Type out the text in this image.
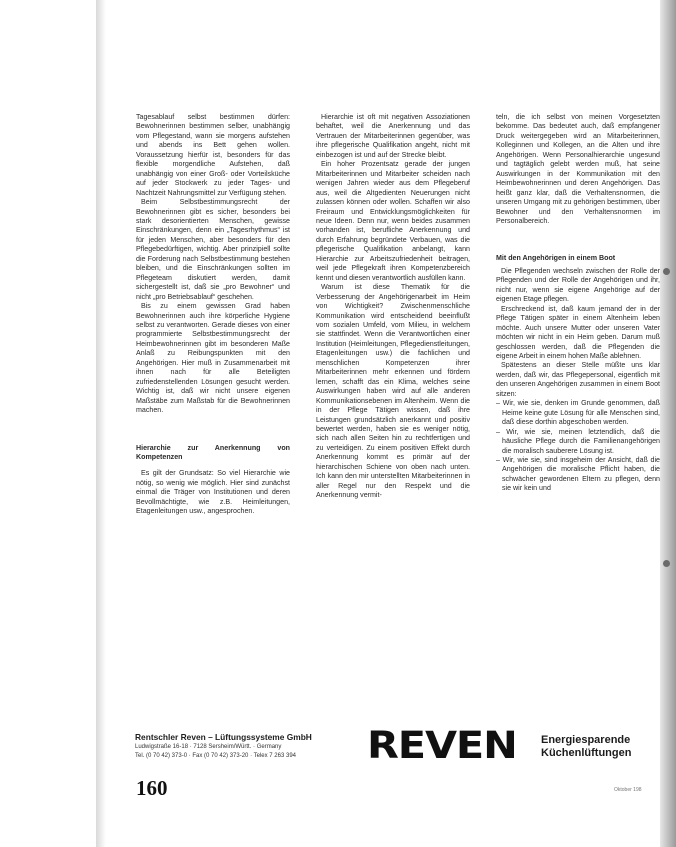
Tagesablauf selbst bestimmen dürfen: Bewohnerinnen bestimmen selber, unabhängig vom Pflegestand, wann sie morgens aufstehen und abends ins Bett gehen wollen. Voraussetzung hierfür ist, besonders für das flexible morgendliche Aufstehen, daß unabhängig von einer Groß- oder Vorteilsküche auf jeder Stockwerk zu jeder Tages- und Nachtzeit Nahrungsmittel zur Verfügung stehen.

Beim Selbstbestimmungsrecht der Bewohnerinnen gibt es sicher, besonders bei stark desorientierten Menschen, gewisse Einschränkungen, denn ein „Tagesrhythmus“ ist für jeden Menschen, aber besonders für den Pflegebedürftigen, wichtig. Aber prinzipiell sollte die Forderung nach Selbstbestimmung bestehen bleiben, und die Einschränkungen sollten im Pflegeteam diskutiert werden, damit sichergestellt ist, daß sie „pro Bewohner“ und nicht „pro Betriebsablauf“ geschehen.

Bis zu einem gewissen Grad haben Bewohnerinnen auch ihre körperliche Hygiene selbst zu verantworten. Gerade dieses von einer programmierte Selbstbestimmungsrecht der Heimbewohnerinnen gibt im besonderen Maße Anlaß zu Reibungspunkten mit den Angehörigen. Hier muß in Zusammenarbeit mit ihnen nach für alle Beteiligten zufriedenstellenden Lösungen gesucht werden. Wichtig ist, daß wir nicht unsere eigenen Maßstäbe zum Maßstab für die Bewohnerinnen machen.

Hierarchie zur Anerkennung von Kompetenzen

Es gilt der Grundsatz: So viel Hierarchie wie nötig, so wenig wie möglich. Hier sind zunächst einmal die Träger von Institutionen und deren Bevollmächtigte, wie z.B. Heimleitungen, Etagenleitungen usw., angesprochen.

Hierarchie ist oft mit negativen Assoziationen behaftet, weil die Anerkennung und das Vertrauen der Mitarbeiterinnen gegenüber, was ihre pflegerische Qualifikation angeht, nicht mit einbezogen ist und auf der Strecke bleibt.

Ein hoher Prozentsatz gerade der jungen Mitarbeiterinnen und Mitarbeiter scheiden nach wenigen Jahren wieder aus dem Pflegeberuf aus, weil die Altgedienten Neuerungen nicht zulassen können oder wollen. Schaffen wir also Freiraum und Entwicklungsmöglichkeiten für neue Ideen. Denn nur, wenn beides zusammen vorhanden ist, berufliche Anerkennung und durch Erfahrung begründete Verbauen, was die pflegerische Qualifikation anbelangt, kann Hierarchie zur Arbeitszufriedenheit beitragen, weil jede Pflegekraft ihren Kompetenzbereich kennt und diesen verantwortlich ausfüllen kann.

Warum ist diese Thematik für die Verbesserung der Angehörigenarbeit im Heim von Wichtigkeit? Zwischenmenschliche Kommunikation wird entscheidend beeinflußt vom sozialen Umfeld, vom Milieu, in welchem sie stattfindet. Wenn die Verantwortlichen einer Institution (Heimleitungen, Pflegedienstleitungen, Etagenleitungen usw.) die fachlichen und menschlichen Kompetenzen ihrer Mitarbeiterinnen mehr erkennen und fördern lernen, schafft das ein Klima, welches seine Auswirkungen haben wird auf alle anderen Kommunikationsebenen im Altenheim. Wenn die in der Pflege Tätigen wissen, daß ihre Leistungen grundsätzlich anerkannt und positiv bewertet werden, haben sie es weniger nötig, sich nach allen Seiten hin zu rechtfertigen und zu verteidigen. Zu einem positiven Effekt durch Anerkennung kommt es primär auf der hierarchischen Schiene von oben nach unten. Ich kann den mir unterstellten Mitarbeiterinnen in aller Regel nur den Respekt und die Anerkennung vermit-

teln, die ich selbst von meinen Vorgesetzten bekomme. Das bedeutet auch, daß empfangener Druck weitergegeben wird an Mitarbeiterinnen, Kolleginnen und Kollegen, an die Alten und ihre Angehörigen. Wenn Personalhierarchie ungesund und tagtäglich gelebt werden muß, hat seine Auswirkungen in der Kommunikation mit den Heimbewohnerinnen und deren Angehörigen. Das heißt ganz klar, daß die Verhaltensnormen, die unseren Umgang mit zu gehörigen bestimmen, über Bewohner und den Verhaltensnormen im Personalbereich.

Mit den Angehörigen in einem Boot

Die Pflegenden wechseln zwischen der Rolle der Pflegenden und der Rolle der Angehörigen und ihr, nicht nur, wenn sie eigene Angehörige auf der eigenen Etage pflegen.

Erschreckend ist, daß kaum jemand der in der Pflege Tätigen später in einem Altenheim leben möchte. Auch unsere Mutter oder unseren Vater möchten wir nicht in ein Heim geben. Darum muß geschlossen werden, daß die Pflegenden die eigene Arbeit in einem hohen Maße ablehnen.

Spätestens an dieser Stelle müßte uns klar werden, daß wir, das Pflegepersonal, eigentlich mit den unseren Angehörigen zusammen in einem Boot sitzen:

– Wir, wie sie, denken im Grunde genommen, daß Heime keine gute Lösung für alle Menschen sind, daß diese dorthin abgeschoben werden.
– Wir, wie sie, meinen letztendlich, daß die häusliche Pflege durch die Familienangehörigen die moralisch sauberere Lösung ist.
– Wir, wie sie, sind insgeheim der Ansicht, daß die Angehörigen die moralische Pflicht haben, die schwächer gewordenen Eltern zu pflegen, denn sie wir kein und
Rentschler Reven – Lüftungssysteme GmbH
Ludwigstraße 16-18 · 7128 Sersheim/Württ. · Germany
Tel. (0 70 42) 373-0 · Fax (0 70 42) 373-20 · Telex 7 263 394 REVEN Energiesparende
Küchenlüftungen
160	Oktober 198
